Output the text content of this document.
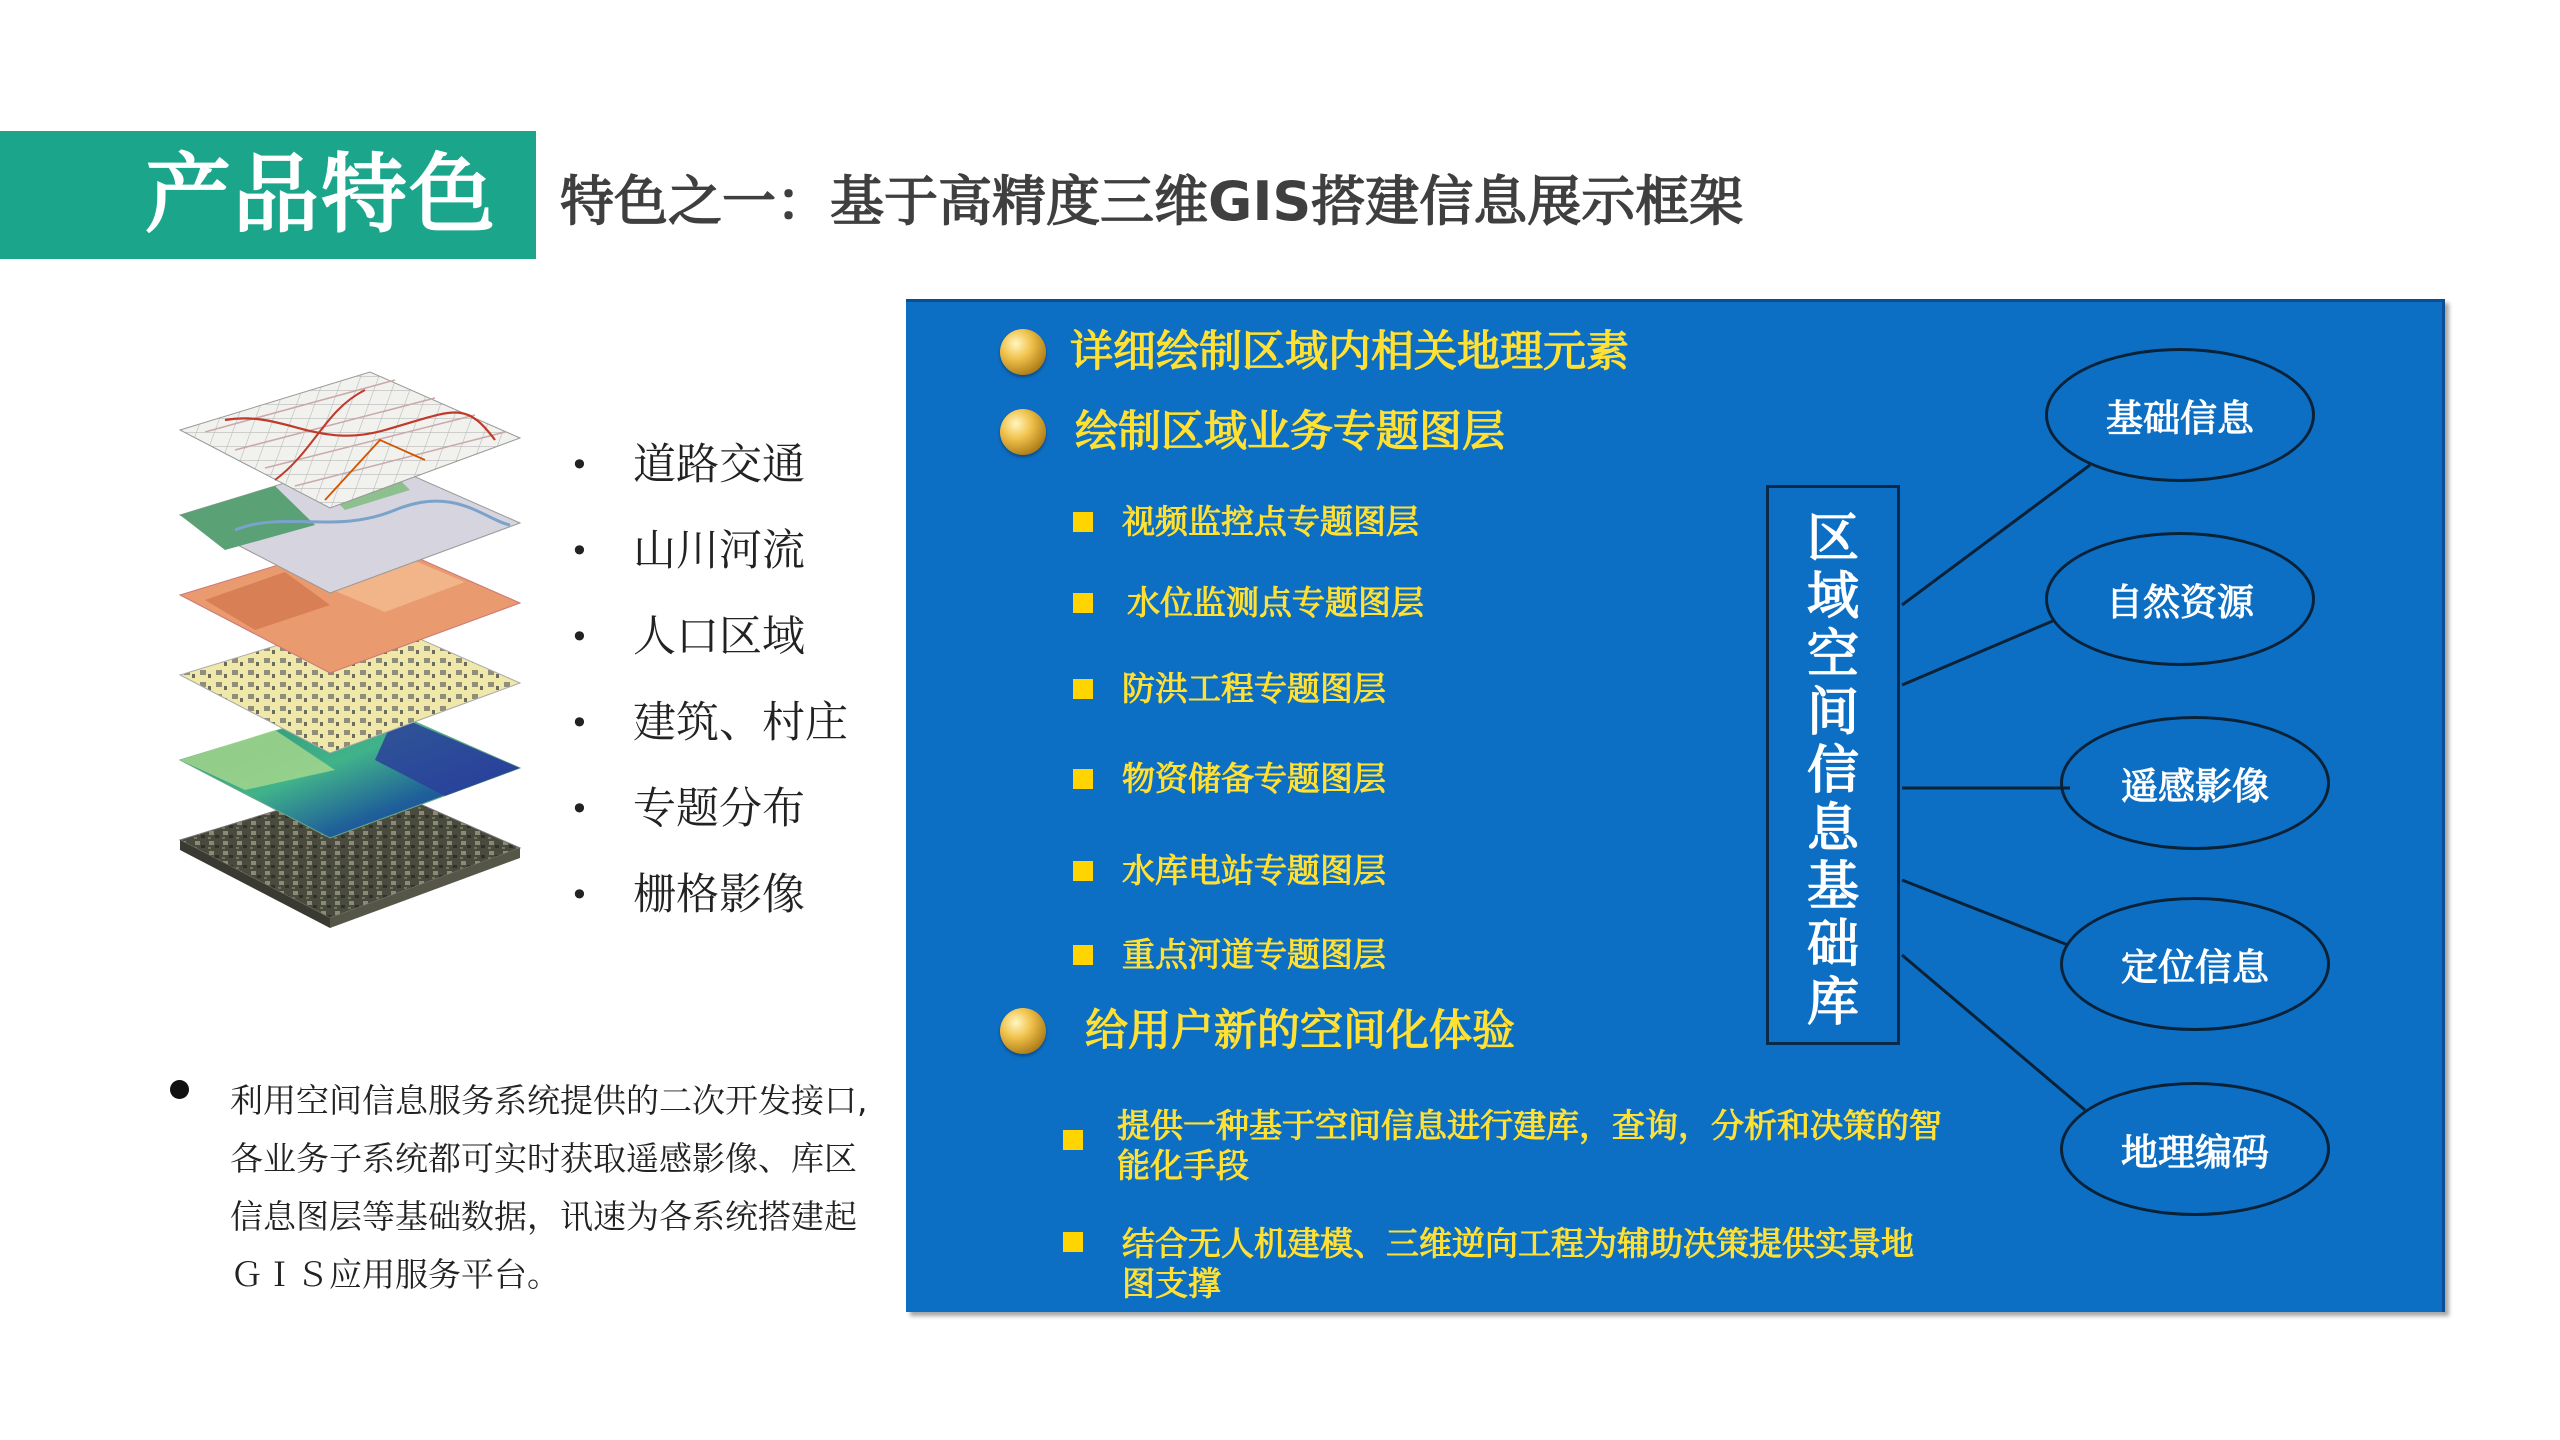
产品特色 特色之一：基于高精度三维GIS搭建信息展示框架
• 道路交通
• 山川河流
• 人口区域
• 建筑、村庄
• 专题分布
• 栅格影像
利用空间信息服务系统提供的二次开发接口,
各业务子系统都可实时获取遥感影像、库区
信息图层等基础数据，讯速为各系统搭建起
ＧＩＳ应用服务平台。
详细绘制区域内相关地理元素
绘制区域业务专题图层
视频监控点专题图层
水位监测点专题图层
防洪工程专题图层
物资储备专题图层
水库电站专题图层
重点河道专题图层
给用户新的空间化体验
提供一种基于空间信息进行建库，查询，分析和决策的智
能化手段
结合无人机建模、三维逆向工程为辅助决策提供实景地
图支撑
区
域
空
间
信
息
基
础
库
基础信息
自然资源
遥感影像
定位信息
地理编码
